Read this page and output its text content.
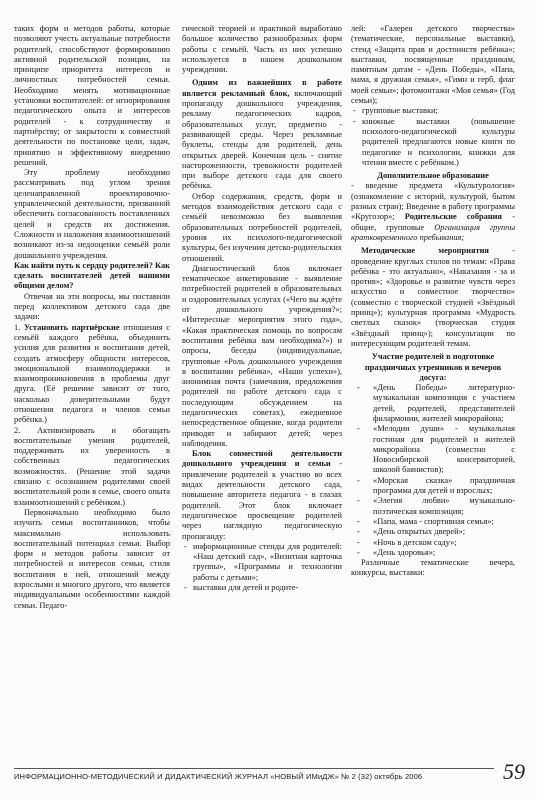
таких форм и методов работы, которые позволяют учесть актуальные потребности родителей, способствуют формированию активной родительской позиции, на принципе приоритета интересов и личностных потребностей семьи. Необходимо менять мотивационные установки воспитателей: от игнорирования педагогического опыта и интересов родителей - к сотрудничеству и партнёрству; от закрытости к совместной деятельности по постановке цели, задач, принятию и эффективному внедрению решений.

Эту проблему необходимо рассматривать под углом зрения целенаправленной проектировочно-управленческой деятельности, призванной обеспечить согласованность поставленных целей и средств их достижения. Сложности и наложения взаимоотношений возникают из-за недооценки семьёй роли дошкольного учреждения.

Как найти путь к сердцу родителей? Как сделать воспитателей детей нашими общими делом?

Отвечая на эти вопросы, мы поставили перед коллективом детского сада две задачи:

1. Установить партнёрские отношения с семьёй каждого ребёнка, объединить усилия для развития и воспитания детей, создать атмосферу общности интересов, эмоциональной взаимоподдержки и взаимопроникновения в проблемы друг друга. (Её решение зависит от того, насколько доверительными будут отношения педагога и членов семьи ребёнка.)

2. Активизировать и обогащать воспитательные умения родителей, поддерживать их уверенность в собственных педагогических возможностях. (Решение этой задачи связано с осознанием родителями своей воспитательной роли в семье, своего опыта взаимоотношений с ребёнком.)

Первоначально необходимо было изучить семьи воспитанников, чтобы максимально использовать воспитательный потенциал семьи. Выбор форм и методов работы зависит от потребностей и интересов семьи, стиля воспитания в ней, отношений между взрослыми и многого другого, что является индивидуальными особенностями каждой семьи. Педаго-

гической теорией и практикой выработано большое количество разнообразных форм работы с семьёй. Часть из них успешно используется в нашем дошкольном учреждении.

Одним из важнейших в работе является рекламный блок, включающий пропаганду дошкольного учреждения, рекламу педагогических кадров, образовательных услуг, предметно - развивающей среды. Через рекламные буклеты, стенды для родителей, день открытых дверей. Конечная цель - снятие настороженности, тревожности родителей при выборе детского сада для своего ребёнка.

Отбор содержания, средств, форм и методов взаимодействия детского сада с семьёй невозможно без выявления образовательных потребностей родителей, уровня их психолого-педагогической культуры, без изучения детско-родительских отношений.

Диагностический блок включает тематическое анкетирование - выявление потребностей родителей в образовательных и оздоровительных услугах («Чего вы ждёте от дошкольного учреждения?»; «Интересные мероприятия этого года», «Какая практическая помощь по вопросам воспитания ребёнка вам необходима?») и опросы, беседы (индивидуальные, групповые «Роль дошкольного учреждения в воспитании ребёнка», «Наши успехи»), анонимная почта (замечания, предложения родителей по работе детского сада с последующим обсуждением на педагогических советах), ежедневное непосредственное общение, когда родители приводят и забирают детей; через наблюдения.

Блок совместной деятельности дошкольного учреждения и семьи - привлечение родителей к участию во всех видах деятельности детского сада, повышение авторитета педагога - в глазах родителей. Этот блок включает педагогическое просвещение родителей через наглядную педагогическую пропаганду:

- информационные стенды для родителей: «Наш детский сад», «Визитная карточка группы», «Программы и технологии работы с детьми»;
- выставки для детей и родите-

лей: «Галерея детского творчества» (тематические, персональные выставки), стенд «Защита прав и достоинств ребёнка»; выставки, посвященные праздникам, памятным датам - «День Победы», «Папа, мама, я дружная семья», «Гимн и герб, флаг моей семьи»; фотомонтажи «Моя семья» (Год семьи);

- групповые выставки;
- книжные выставки (повышение психолого-педагогической культуры родителей предлагаются новые книги по педагогике и психологии, книжки для чтения вместе с ребёнком.)

Дополнительное образование

- введение предмета «Культурология» (ознакомление с историй, культурой, бытом разных стран); Введение в работу программы «Кругозор»; Родительские собрания - общие, групповые Организация группы кратковременного пребывания;

Методические мероприятия - проведение круглых столов по темам: «Права ребёнка - это актуально», «Наказания - за и против»; «Здоровье и развитие чувств через искусство и совместное творчество» (совместно с творческой студией «Звёздный принц»); культурная программа «Мудрость светлых сказок» (творческая студия «Звёздный принц»); консультации по интересующим родителей темам.

Участие родителей в подготовке праздничных утренников и вечеров досуга:

- «День Победы» литературно-музыкальная композиция с участием детей, родителей, представителей филармонии, жителей микрорайона;
- «Мелодии души» - музыкальная гостиная для родителей и жителей микрорайона (совместно с Новосибирской консерваторией, школой баянистов);
- «Морская сказка» праздничная программа для детей и взрослых;
- «Элегия любви» музыкально-поэтическая композиция;
- «Папа, мама - спортивная семья»;
- «День открытых дверей»;
- «Ночь в детском саду»;
- «День здоровья»;

Различные тематические вечера, конкурсы, выставки:

ИНФОРМАЦИОННО-МЕТОДИЧЕСКИЙ И ДИДАКТИЧЕСКИЙ ЖУРНАЛ «НОВЫЙ ИМиДЖ» № 2 (32) октябрь 2006	59
